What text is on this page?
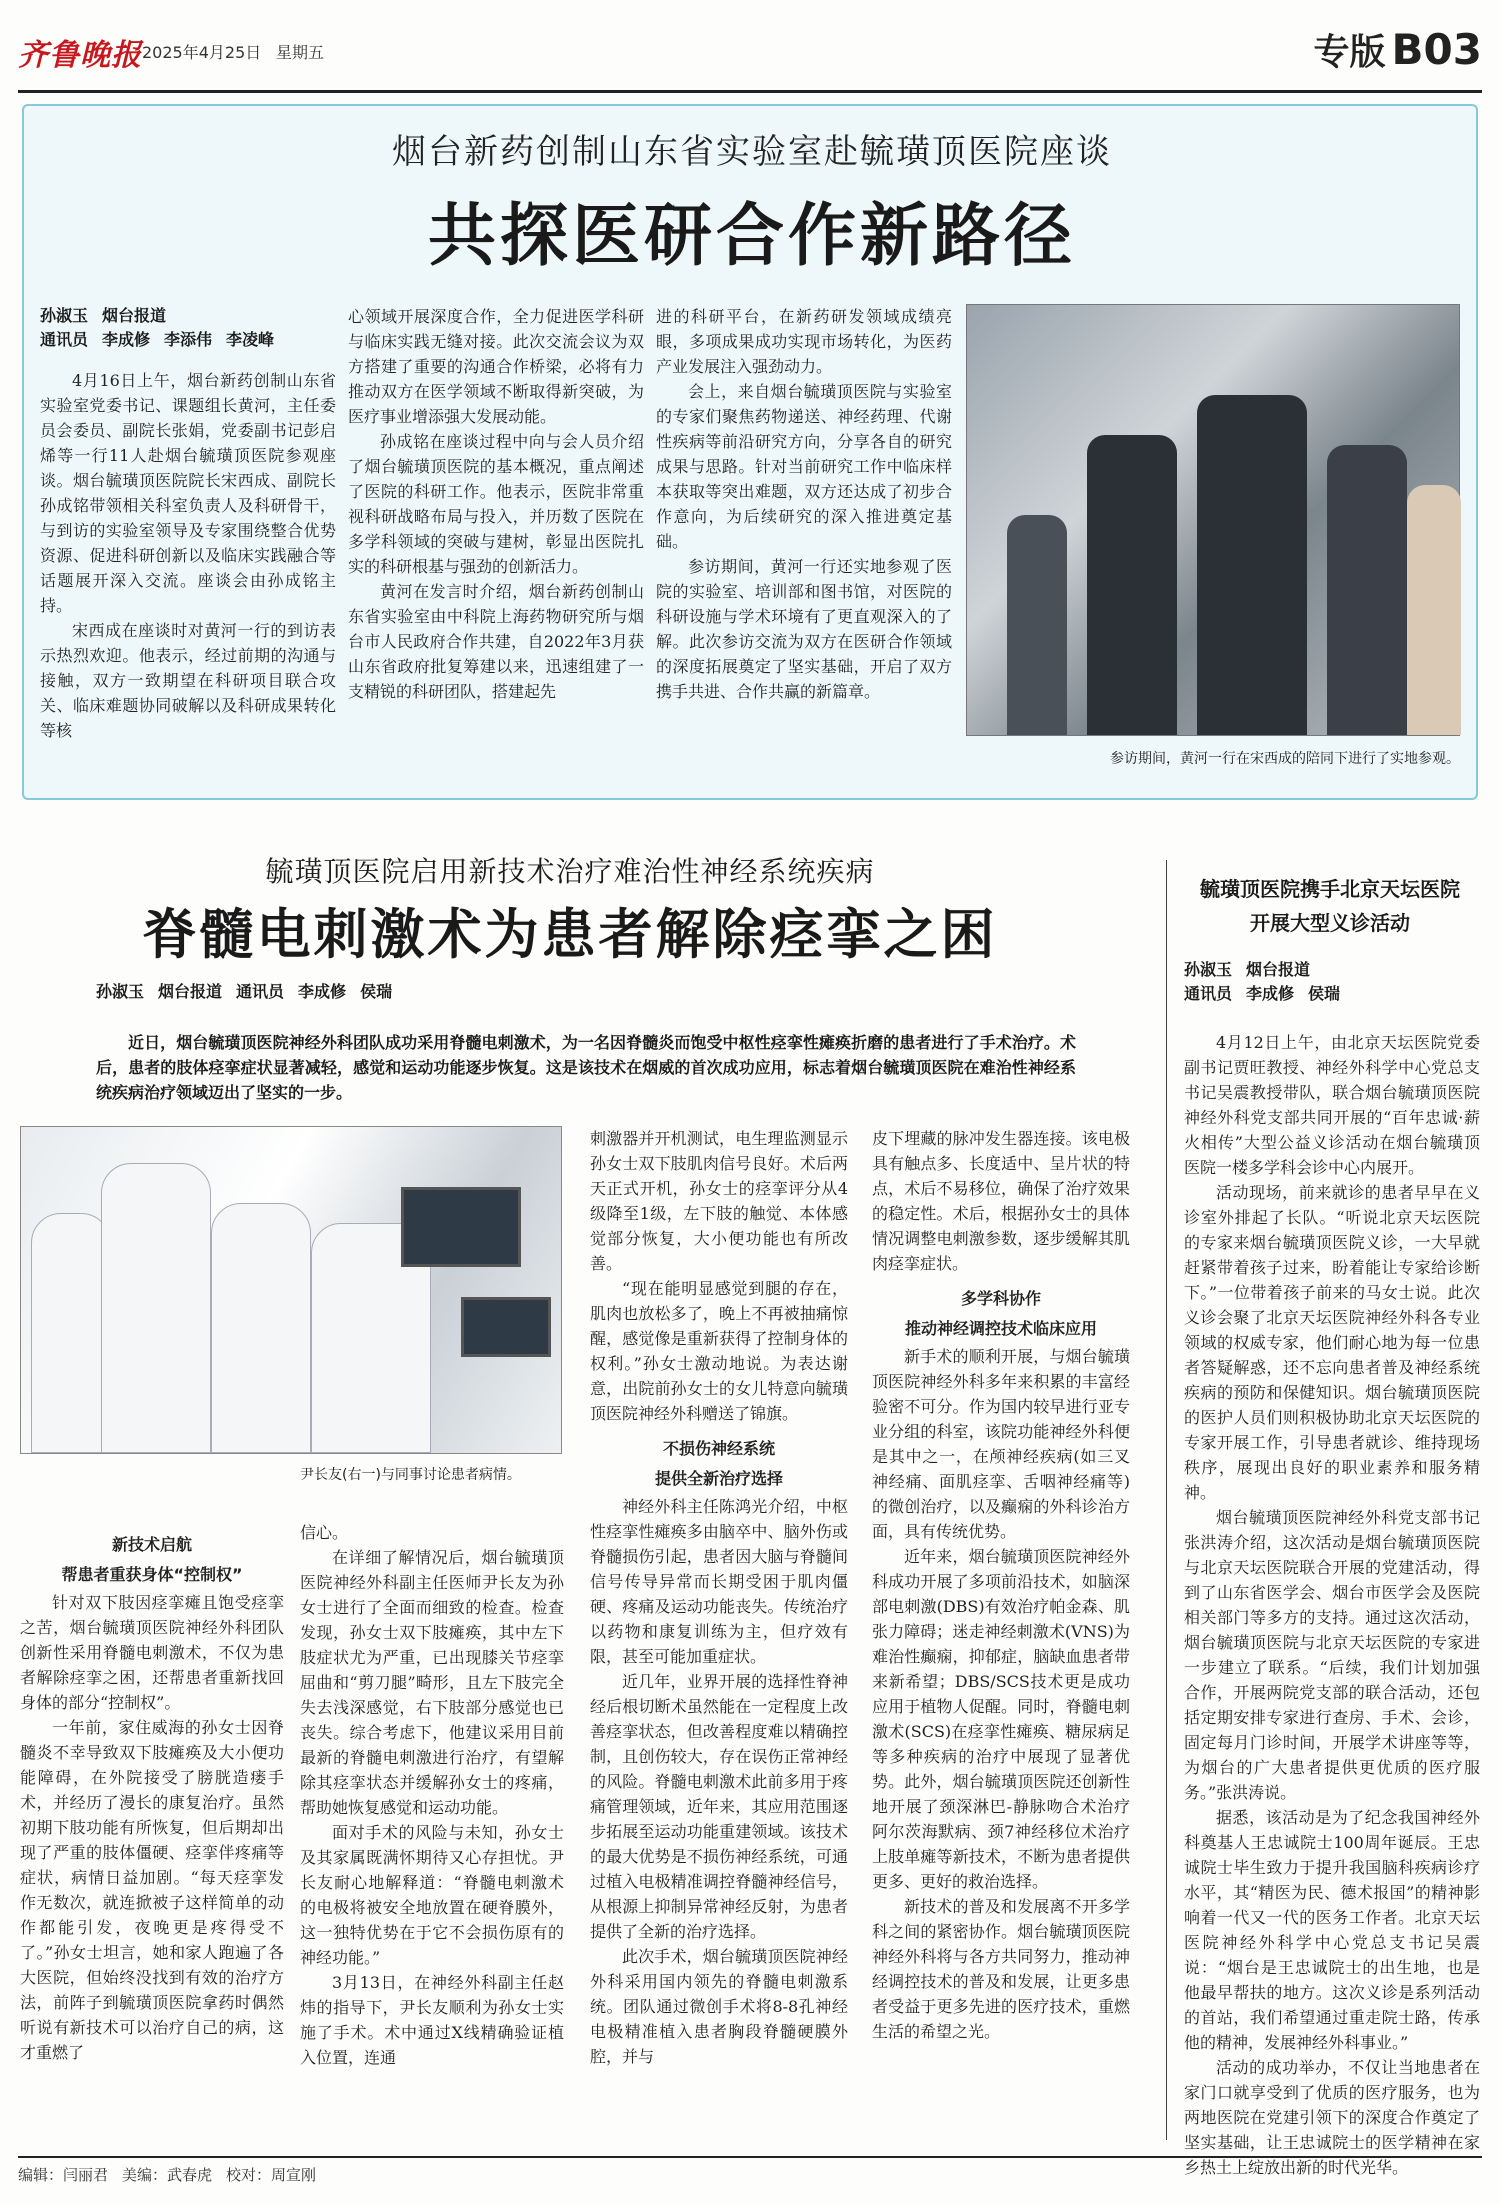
齐鲁晚报 2025年4月25日 星期五	专版 B03
烟台新药创制山东省实验室赴毓璜顶医院座谈
共探医研合作新路径
孙淑玉 烟台报道
通讯员 李成修 李添伟 李凌峰

4月16日上午，烟台新药创制山东省实验室党委书记、课题组长黄河，主任委员会委员、副院长张娟，党委副书记彭启烯等一行11人赴烟台毓璜顶医院参观座谈。烟台毓璜顶医院院长宋西成、副院长孙成铭带领相关科室负责人及科研骨干，与到访的实验室领导及专家围绕整合优势资源、促进科研创新以及临床实践融合等话题展开深入交流。座谈会由孙成铭主持。

宋西成在座谈时对黄河一行的到访表示热烈欢迎。他表示，经过前期的沟通与接触，双方一致期望在科研项目联合攻关、临床难题协同破解以及科研成果转化等核

心领域开展深度合作，全力促进医学科研与临床实践无缝对接。此次交流会议为双方搭建了重要的沟通合作桥梁，必将有力推动双方在医学领域不断取得新突破，为医疗事业增添强大发展动能。

孙成铭在座谈过程中向与会人员介绍了烟台毓璜顶医院的基本概况，重点阐述了医院的科研工作。他表示，医院非常重视科研战略布局与投入，并历数了医院在多学科领域的突破与建树，彰显出医院扎实的科研根基与强劲的创新活力。

黄河在发言时介绍，烟台新药创制山东省实验室由中科院上海药物研究所与烟台市人民政府合作共建，自2022年3月获山东省政府批复筹建以来，迅速组建了一支精锐的科研团队，搭建起先

进的科研平台，在新药研发领域成绩亮眼，多项成果成功实现市场转化，为医药产业发展注入强劲动力。

会上，来自烟台毓璜顶医院与实验室的专家们聚焦药物递送、神经药理、代谢性疾病等前沿研究方向，分享各自的研究成果与思路。针对当前研究工作中临床样本获取等突出难题，双方还达成了初步合作意向，为后续研究的深入推进奠定基础。

参访期间，黄河一行还实地参观了医院的实验室、培训部和图书馆，对医院的科研设施与学术环境有了更直观深入的了解。此次参访交流为双方在医研合作领域的深度拓展奠定了坚实基础，开启了双方携手共进、合作共赢的新篇章。

参访期间，黄河一行在宋西成的陪同下进行了实地参观。
毓璜顶医院启用新技术治疗难治性神经系统疾病
脊髓电刺激术为患者解除痉挛之困
孙淑玉 烟台报道 通讯员 李成修 侯瑞
近日，烟台毓璜顶医院神经外科团队成功采用脊髓电刺激术，为一名因脊髓炎而饱受中枢性痉挛性瘫痪折磨的患者进行了手术治疗。术后，患者的肢体痉挛症状显著减轻，感觉和运动功能逐步恢复。这是该技术在烟威的首次成功应用，标志着烟台毓璜顶医院在难治性神经系统疾病治疗领域迈出了坚实的一步。
尹长友(右一)与同事讨论患者病情。
新技术启航
帮患者重获身体“控制权”

针对双下肢因痉挛瘫且饱受痉挛之苦，烟台毓璜顶医院神经外科团队创新性采用脊髓电刺激术，不仅为患者解除痉挛之困，还帮患者重新找回身体的部分“控制权”。

一年前，家住威海的孙女士因脊髓炎不幸导致双下肢瘫痪及大小便功能障碍，在外院接受了膀胱造瘘手术，并经历了漫长的康复治疗。虽然初期下肢功能有所恢复，但后期却出现了严重的肢体僵硬、痉挛伴疼痛等症状，病情日益加剧。“每天痉挛发作无数次，就连掀被子这样简单的动作都能引发，夜晚更是疼得受不了。”孙女士坦言，她和家人跑遍了各大医院，但始终没找到有效的治疗方法，前阵子到毓璜顶医院拿药时偶然听说有新技术可以治疗自己的病，这才重燃了

信心。

在详细了解情况后，烟台毓璜顶医院神经外科副主任医师尹长友为孙女士进行了全面而细致的检查。检查发现，孙女士双下肢瘫痪，其中左下肢症状尤为严重，已出现膝关节痉挛屈曲和“剪刀腿”畸形，且左下肢完全失去浅深感觉，右下肢部分感觉也已丧失。综合考虑下，他建议采用目前最新的脊髓电刺激进行治疗，有望解除其痉挛状态并缓解孙女士的疼痛，帮助她恢复感觉和运动功能。

面对手术的风险与未知，孙女士及其家属既满怀期待又心存担忧。尹长友耐心地解释道：“脊髓电刺激术的电极将被安全地放置在硬脊膜外，这一独特优势在于它不会损伤原有的神经功能。”

3月13日，在神经外科副主任赵炜的指导下，尹长友顺利为孙女士实施了手术。术中通过X线精确验证植入位置，连通

刺激器并开机测试，电生理监测显示孙女士双下肢肌肉信号良好。术后两天正式开机，孙女士的痉挛评分从4级降至1级，左下肢的触觉、本体感觉部分恢复，大小便功能也有所改善。

“现在能明显感觉到腿的存在，肌肉也放松多了，晚上不再被抽痛惊醒，感觉像是重新获得了控制身体的权利。”孙女士激动地说。为表达谢意，出院前孙女士的女儿特意向毓璜顶医院神经外科赠送了锦旗。

不损伤神经系统
提供全新治疗选择

神经外科主任陈鸿光介绍，中枢性痉挛性瘫痪多由脑卒中、脑外伤或脊髓损伤引起，患者因大脑与脊髓间信号传导异常而长期受困于肌肉僵硬、疼痛及运动功能丧失。传统治疗以药物和康复训练为主，但疗效有限，甚至可能加重症状。

近几年，业界开展的选择性脊神经后根切断术虽然能在一定程度上改善痉挛状态，但改善程度难以精确控制，且创伤较大，存在误伤正常神经的风险。脊髓电刺激术此前多用于疼痛管理领域，近年来，其应用范围逐步拓展至运动功能重建领域。该技术的最大优势是不损伤神经系统，可通过植入电极精准调控脊髓神经信号，从根源上抑制异常神经反射，为患者提供了全新的治疗选择。

此次手术，烟台毓璜顶医院神经外科采用国内领先的脊髓电刺激系统。团队通过微创手术将8-8孔神经电极精准植入患者胸段脊髓硬膜外腔，并与

皮下埋藏的脉冲发生器连接。该电极具有触点多、长度适中、呈片状的特点，术后不易移位，确保了治疗效果的稳定性。术后，根据孙女士的具体情况调整电刺激参数，逐步缓解其肌肉痉挛症状。

多学科协作
推动神经调控技术临床应用

新手术的顺利开展，与烟台毓璜顶医院神经外科多年来积累的丰富经验密不可分。作为国内较早进行亚专业分组的科室，该院功能神经外科便是其中之一，在颅神经疾病(如三叉神经痛、面肌痉挛、舌咽神经痛等)的微创治疗，以及癫痫的外科诊治方面，具有传统优势。

近年来，烟台毓璜顶医院神经外科成功开展了多项前沿技术，如脑深部电刺激(DBS)有效治疗帕金森、肌张力障碍；迷走神经刺激术(VNS)为难治性癫痫，抑郁症，脑缺血患者带来新希望；DBS/SCS技术更是成功应用于植物人促醒。同时，脊髓电刺激术(SCS)在痉挛性瘫痪、糖尿病足等多种疾病的治疗中展现了显著优势。此外，烟台毓璜顶医院还创新性地开展了颈深淋巴-静脉吻合术治疗阿尔茨海默病、颈7神经移位术治疗上肢单瘫等新技术，不断为患者提供更多、更好的救治选择。

新技术的普及和发展离不开多学科之间的紧密协作。烟台毓璜顶医院神经外科将与各方共同努力，推动神经调控技术的普及和发展，让更多患者受益于更多先进的医疗技术，重燃生活的希望之光。

毓璜顶医院携手北京天坛医院
开展大型义诊活动
孙淑玉 烟台报道
通讯员 李成修 侯瑞

4月12日上午，由北京天坛医院党委副书记贾旺教授、神经外科学中心党总支书记吴震教授带队，联合烟台毓璜顶医院神经外科党支部共同开展的“百年忠诚·薪火相传”大型公益义诊活动在烟台毓璜顶医院一楼多学科会诊中心内展开。

活动现场，前来就诊的患者早早在义诊室外排起了长队。“听说北京天坛医院的专家来烟台毓璜顶医院义诊，一大早就赶紧带着孩子过来，盼着能让专家给诊断下。”一位带着孩子前来的马女士说。此次义诊会聚了北京天坛医院神经外科各专业领域的权威专家，他们耐心地为每一位患者答疑解惑，还不忘向患者普及神经系统疾病的预防和保健知识。烟台毓璜顶医院的医护人员们则积极协助北京天坛医院的专家开展工作，引导患者就诊、维持现场秩序，展现出良好的职业素养和服务精神。

烟台毓璜顶医院神经外科党支部书记张洪涛介绍，这次活动是烟台毓璜顶医院与北京天坛医院联合开展的党建活动，得到了山东省医学会、烟台市医学会及医院相关部门等多方的支持。通过这次活动，烟台毓璜顶医院与北京天坛医院的专家进一步建立了联系。“后续，我们计划加强合作，开展两院党支部的联合活动，还包括定期安排专家进行查房、手术、会诊，固定每月门诊时间，开展学术讲座等等，为烟台的广大患者提供更优质的医疗服务。”张洪涛说。

据悉，该活动是为了纪念我国神经外科奠基人王忠诚院士100周年诞辰。王忠诚院士毕生致力于提升我国脑科疾病诊疗水平，其“精医为民、德术报国”的精神影响着一代又一代的医务工作者。北京天坛医院神经外科学中心党总支书记吴震说：“烟台是王忠诚院士的出生地，也是他最早帮扶的地方。这次义诊是系列活动的首站，我们希望通过重走院士路，传承他的精神，发展神经外科事业。”

活动的成功举办，不仅让当地患者在家门口就享受到了优质的医疗服务，也为两地医院在党建引领下的深度合作奠定了坚实基础，让王忠诚院士的医学精神在家乡热土上绽放出新的时代光华。

编辑：闫丽君 美编：武春虎 校对：周宣刚
